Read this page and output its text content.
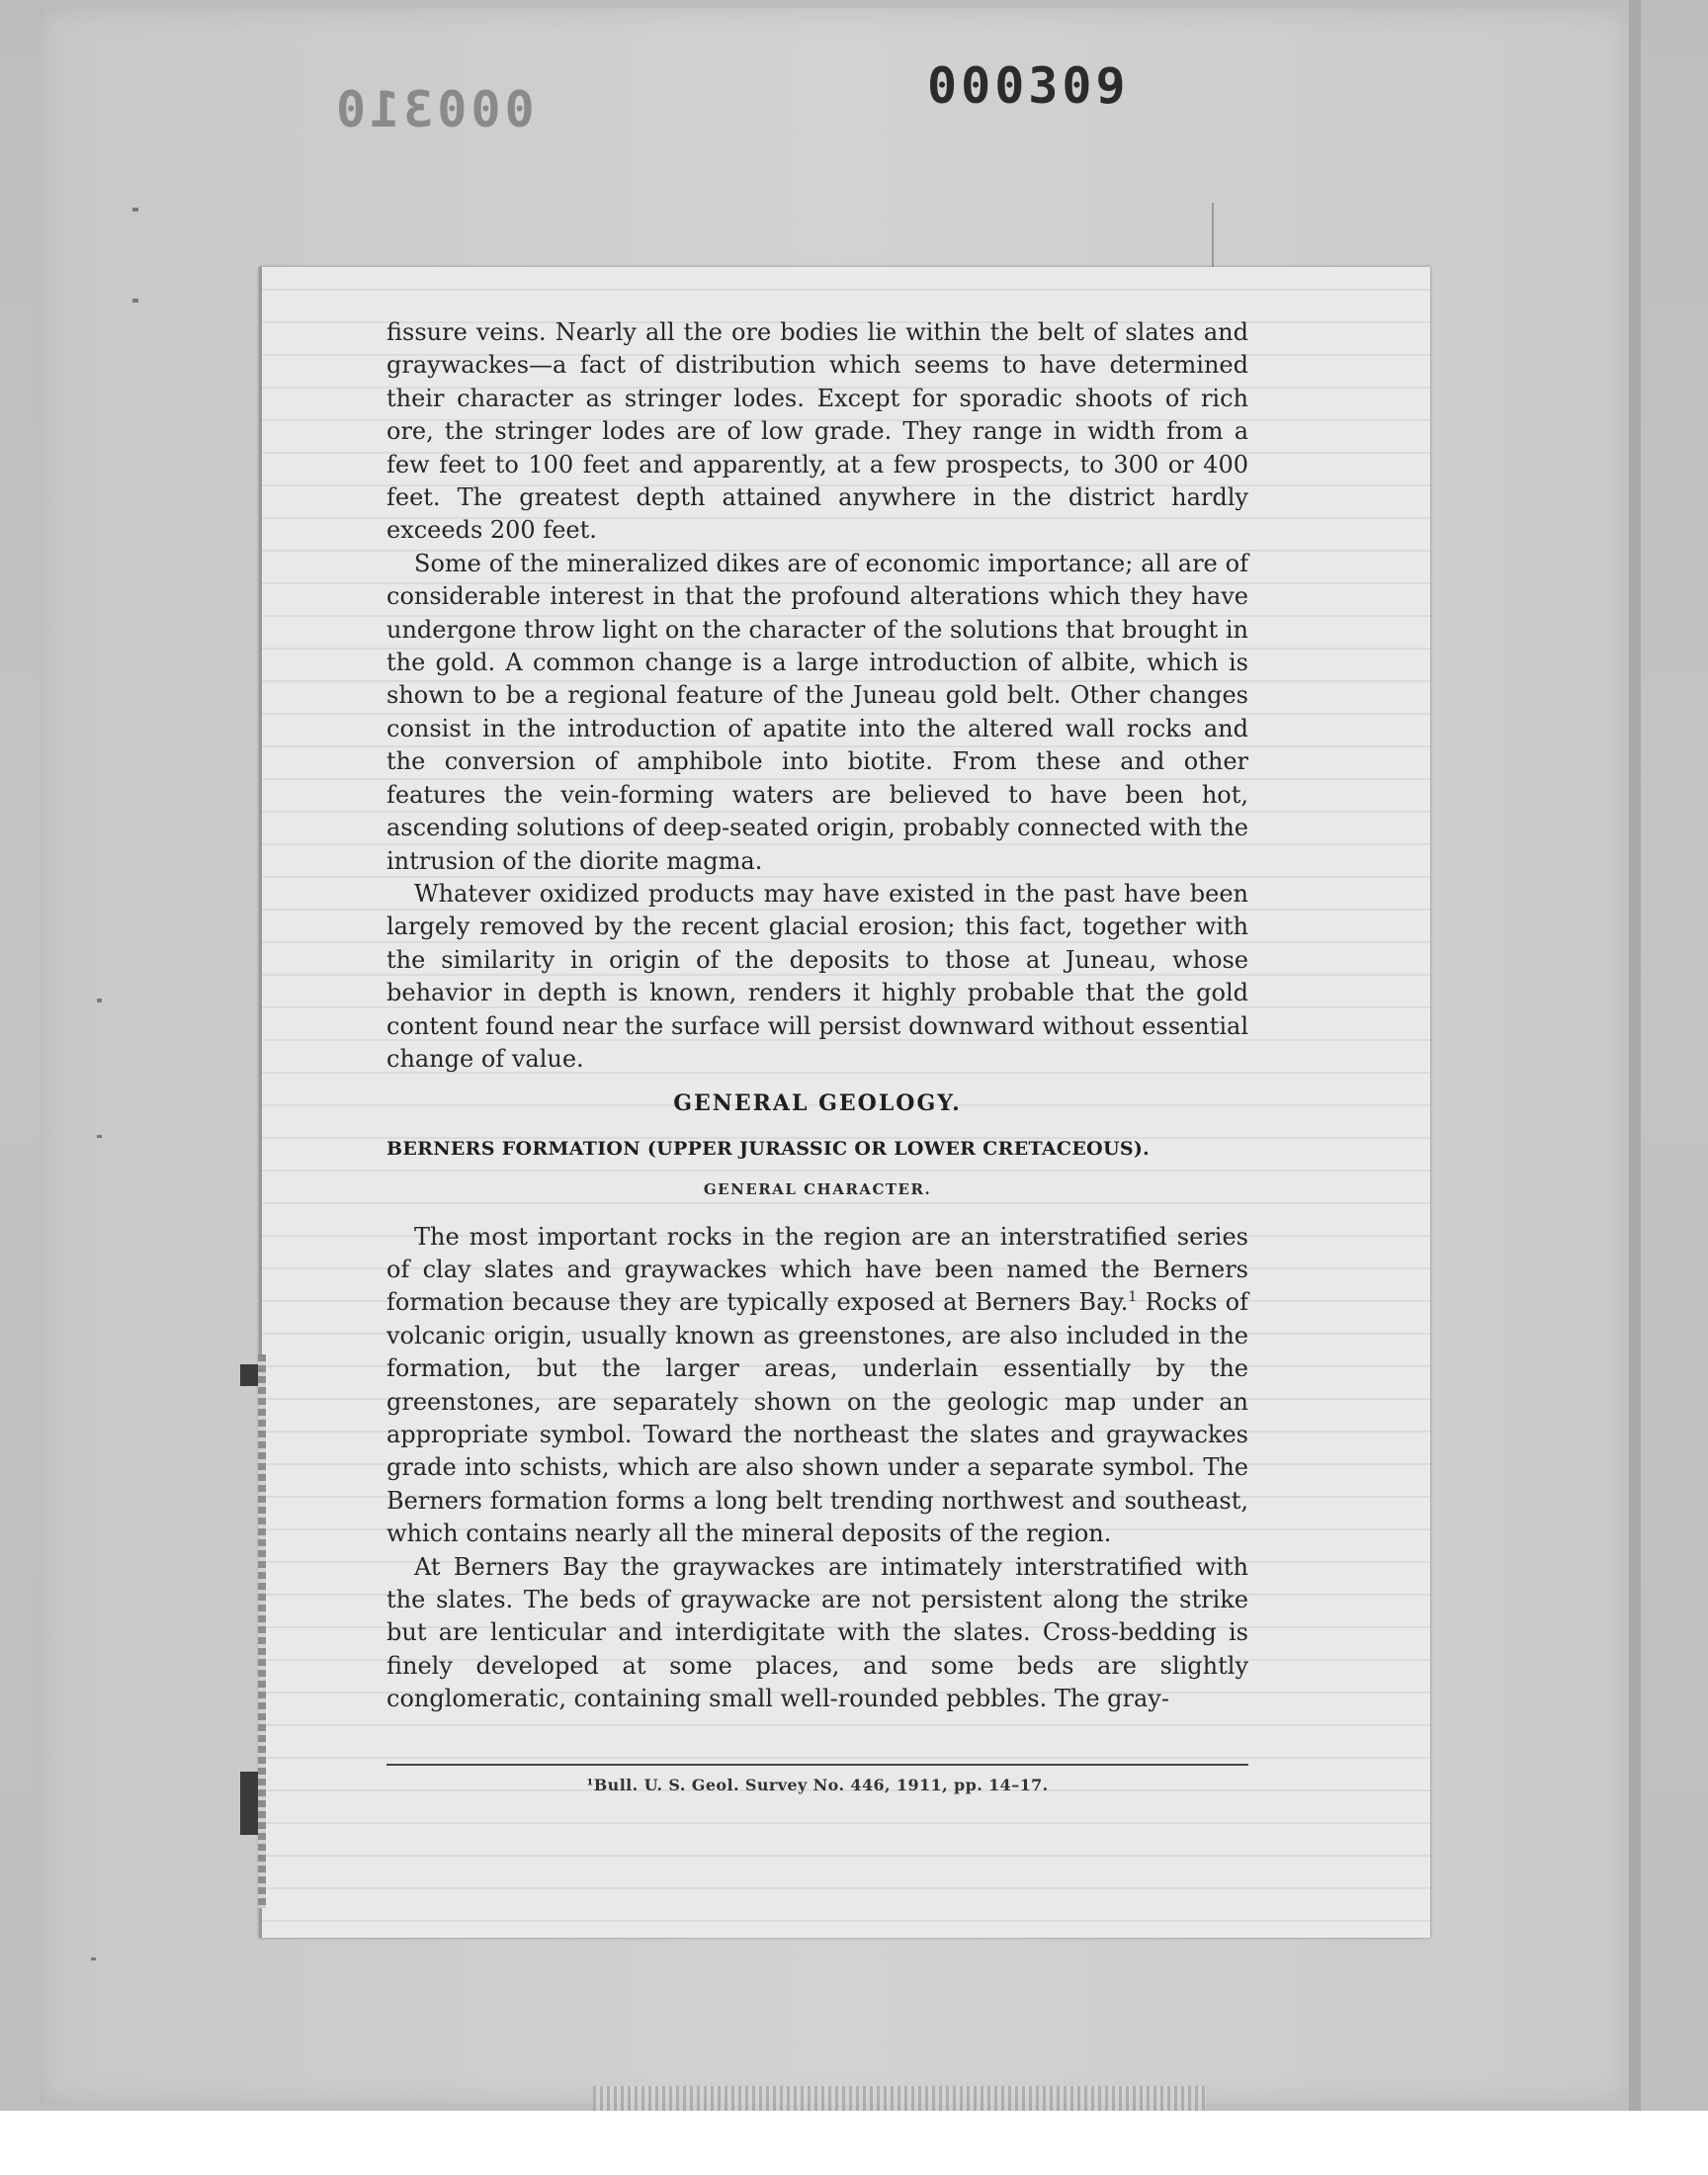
000309
000310

fissure veins. Nearly all the ore bodies lie within the belt of slates and graywackes—a fact of distribution which seems to have determined their character as stringer lodes. Except for sporadic shoots of rich ore, the stringer lodes are of low grade. They range in width from a few feet to 100 feet and apparently, at a few prospects, to 300 or 400 feet. The greatest depth attained anywhere in the district hardly exceeds 200 feet.

Some of the mineralized dikes are of economic importance; all are of considerable interest in that the profound alterations which they have undergone throw light on the character of the solutions that brought in the gold. A common change is a large introduction of albite, which is shown to be a regional feature of the Juneau gold belt. Other changes consist in the introduction of apatite into the altered wall rocks and the conversion of amphibole into biotite. From these and other features the vein-forming waters are believed to have been hot, ascending solutions of deep-seated origin, probably connected with the intrusion of the diorite magma.

Whatever oxidized products may have existed in the past have been largely removed by the recent glacial erosion; this fact, together with the similarity in origin of the deposits to those at Juneau, whose behavior in depth is known, renders it highly probable that the gold content found near the surface will persist downward without essential change of value.

GENERAL GEOLOGY.
BERNERS FORMATION (UPPER JURASSIC OR LOWER CRETACEOUS).
GENERAL CHARACTER.

The most important rocks in the region are an interstratified series of clay slates and graywackes which have been named the Berners formation because they are typically exposed at Berners Bay.$^1$ Rocks of volcanic origin, usually known as greenstones, are also included in the formation, but the larger areas, underlain essentially by the greenstones, are separately shown on the geologic map under an appropriate symbol. Toward the northeast the slates and graywackes grade into schists, which are also shown under a separate symbol. The Berners formation forms a long belt trending northwest and southeast, which contains nearly all the mineral deposits of the region.

At Berners Bay the graywackes are intimately interstratified with the slates. The beds of graywacke are not persistent along the strike but are lenticular and interdigitate with the slates. Cross-bedding is finely developed at some places, and some beds are slightly conglomeratic, containing small well-rounded pebbles. The gray-

¹Bull. U. S. Geol. Survey No. 446, 1911, pp. 14–17.
